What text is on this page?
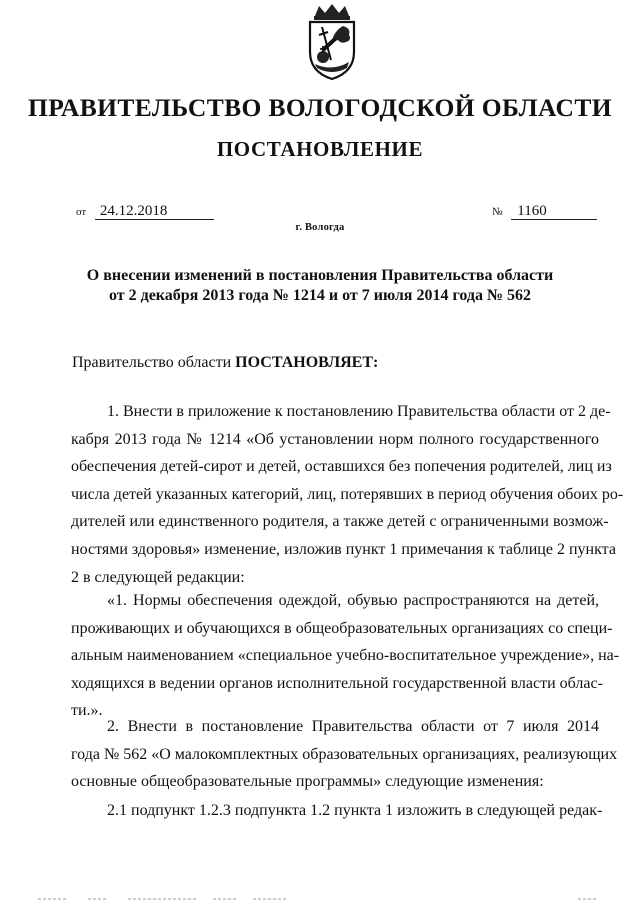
ПРАВИТЕЛЬСТВО ВОЛОГОДСКОЙ ОБЛАСТИ
ПОСТАНОВЛЕНИЕ
от 24.12.2018	№ 1160
г. Вологда
О внесении изменений в постановления Правительства области
от 2 декабря 2013 года № 1214 и от 7 июля 2014 года № 562
Правительство области ПОСТАНОВЛЯЕТ:
1. Внести в приложение к постановлению Правительства области от 2 де-
кабря 2013 года № 1214 «Об установлении норм полного государственного
обеспечения детей-сирот и детей, оставшихся без попечения родителей, лиц из
числа детей указанных категорий, лиц, потерявших в период обучения обоих ро-
дителей или единственного родителя, а также детей с ограниченными возмож-
ностями здоровья» изменение, изложив пункт 1 примечания к таблице 2 пункта
2 в следующей редакции:
«1. Нормы обеспечения одеждой, обувью распространяются на детей,
проживающих и обучающихся в общеобразовательных организациях со специ-
альным наименованием «специальное учебно-воспитательное учреждение», на-
ходящихся в ведении органов исполнительной государственной власти облас-
ти.».
2. Внести в постановление Правительства области от 7 июля 2014
года № 562 «О малокомплектных образовательных организациях, реализующих
основные общеобразовательные программы» следующие изменения:
2.1 подпункт 1.2.3 подпункта 1.2 пункта 1 изложить в следующей редак-
